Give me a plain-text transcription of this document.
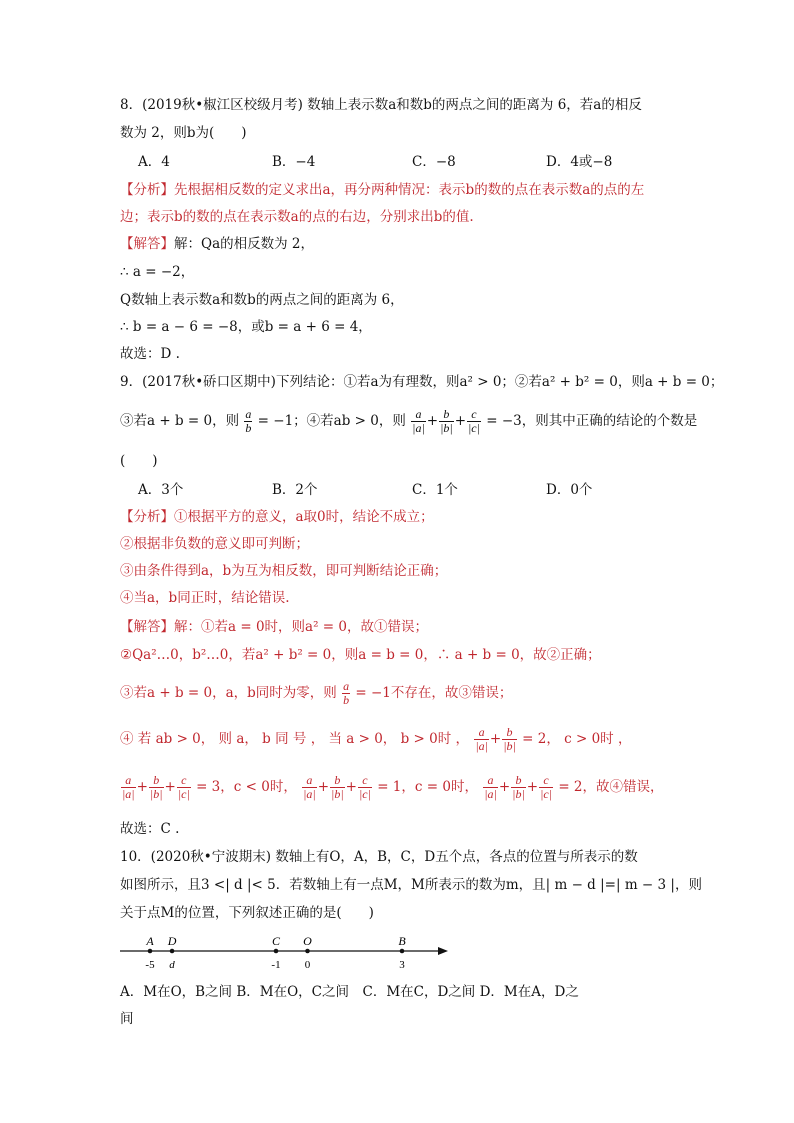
8．(2019秋•椒江区校级月考) 数轴上表示数a和数b的两点之间的距离为 6，若a的相反
数为 2，则b为(　　)
A．4	B．−4	C．−8	D．4或−8
【分析】先根据相反数的定义求出a，再分两种情况：表示b的数的点在表示数a的点的左
边；表示b的数的点在表示数a的点的右边，分别求出b的值.
【解答】解：Qa的相反数为 2，
∴ a = −2，
Q数轴上表示数a和数b的两点之间的距离为 6，
∴ b = a − 6 = −8，或b = a + 6 = 4，
故选：D .
9．(2017秋•硚口区期中)下列结论：①若a为有理数，则a² > 0；②若a² + b² = 0，则a + b = 0；
③若a + b = 0，则 $\frac{a}{b} = -1$；④若ab > 0，则 $\frac{a}{|a|} + \frac{b}{|b|} + \frac{c}{|c|} = -3$，则其中正确的结论的个数是
(　　)
A．3个	B．2个	C．1个	D．0个
【分析】①根据平方的意义，a取0时，结论不成立；
②根据非负数的意义即可判断；
③由条件得到a，b为互为相反数，即可判断结论正确；
④当a，b同正时，结论错误.
【解答】解：①若a = 0时，则a² = 0，故①错误；
②Qa²…0，b²…0，若a² + b² = 0，则a = b = 0，∴ a + b = 0，故②正确；
③若a + b = 0，a，b同时为零，则 $\frac{a}{b} = -1$不存在，故③错误；
④ 若 ab > 0， 则 a， b 同 号 ， 当 a > 0， b > 0时 ， $\frac{a}{|a|} + \frac{b}{|b|} = 2$， c > 0时 ，
$\frac{a}{|a|} + \frac{b}{|b|} + \frac{c}{|c|} = 3$，c < 0时， $\frac{a}{|a|} + \frac{b}{|b|} + \frac{c}{|c|} = 1$，c = 0时， $\frac{a}{|a|} + \frac{b}{|b|} + \frac{c}{|c|} = 2$，故④错误，
故选：C .
10．(2020秋•宁波期末) 数轴上有O，A，B，C，D五个点，各点的位置与所表示的数
如图所示，且3 <| d |< 5．若数轴上有一点M，M所表示的数为m，且| m − d |=| m − 3 |，则
关于点M的位置，下列叙述正确的是(　　)
A
-5
D
d
C
-1
O
0
B
3
A．M在O，B之间 B．M在O，C之间　C．M在C，D之间 D．M在A，D之
间
